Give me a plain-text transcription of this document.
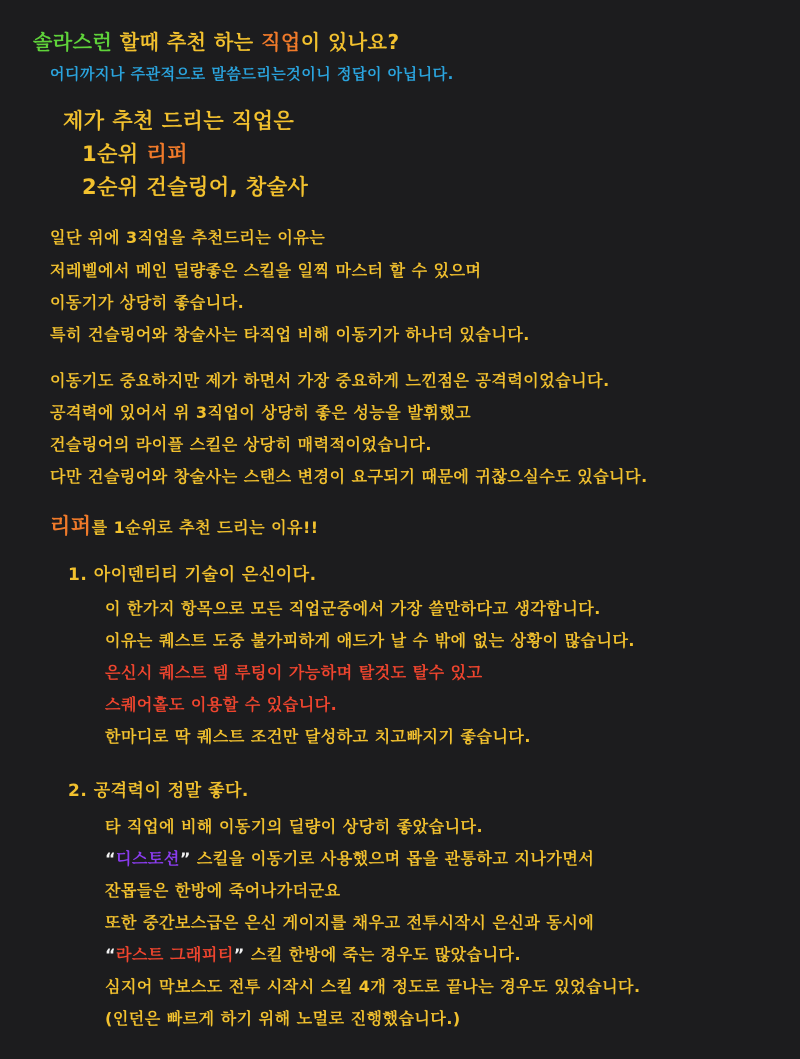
솔라스런 할때 추천 하는 직업이 있나요?
어디까지나 주관적으로 말씀드리는것이니 정답이 아닙니다.
제가 추천 드리는 직업은
1순위 리퍼
2순위 건슬링어, 창술사
일단 위에 3직업을 추천드리는 이유는
저레벨에서 메인 딜량좋은 스킬을 일찍 마스터 할 수 있으며
이동기가 상당히 좋습니다.
특히 건슬링어와 창술사는 타직업 비해 이동기가 하나더 있습니다.
이동기도 중요하지만 제가 하면서 가장 중요하게 느낀점은 공격력이었습니다.
공격력에 있어서 위 3직업이 상당히 좋은 성능을 발휘했고
건슬링어의 라이플 스킬은 상당히 매력적이었습니다.
다만 건슬링어와 창술사는 스탠스 변경이 요구되기 때문에 귀찮으실수도 있습니다.
리퍼를 1순위로 추천 드리는 이유!!
1. 아이덴티티 기술이 은신이다.
이 한가지 항목으로 모든 직업군중에서 가장 쓸만하다고 생각합니다.
이유는 퀘스트 도중 불가피하게 애드가 날 수 밖에 없는 상황이 많습니다.
은신시 퀘스트 템 루팅이 가능하며 탈것도 탈수 있고
스퀘어홀도 이용할 수 있습니다.
한마디로 딱 퀘스트 조건만 달성하고 치고빠지기 좋습니다.
2. 공격력이 정말 좋다.
타 직업에 비해 이동기의 딜량이 상당히 좋았습니다.
“디스토션” 스킬을 이동기로 사용했으며 몹을 관통하고 지나가면서
잔몹들은 한방에 죽어나가더군요
또한 중간보스급은 은신 게이지를 채우고 전투시작시 은신과 동시에
“라스트 그래피티” 스킬 한방에 죽는 경우도 많았습니다.
심지어 막보스도 전투 시작시 스킬 4개 정도로 끝나는 경우도 있었습니다.
(인던은 빠르게 하기 위해 노멀로 진행했습니다.)
